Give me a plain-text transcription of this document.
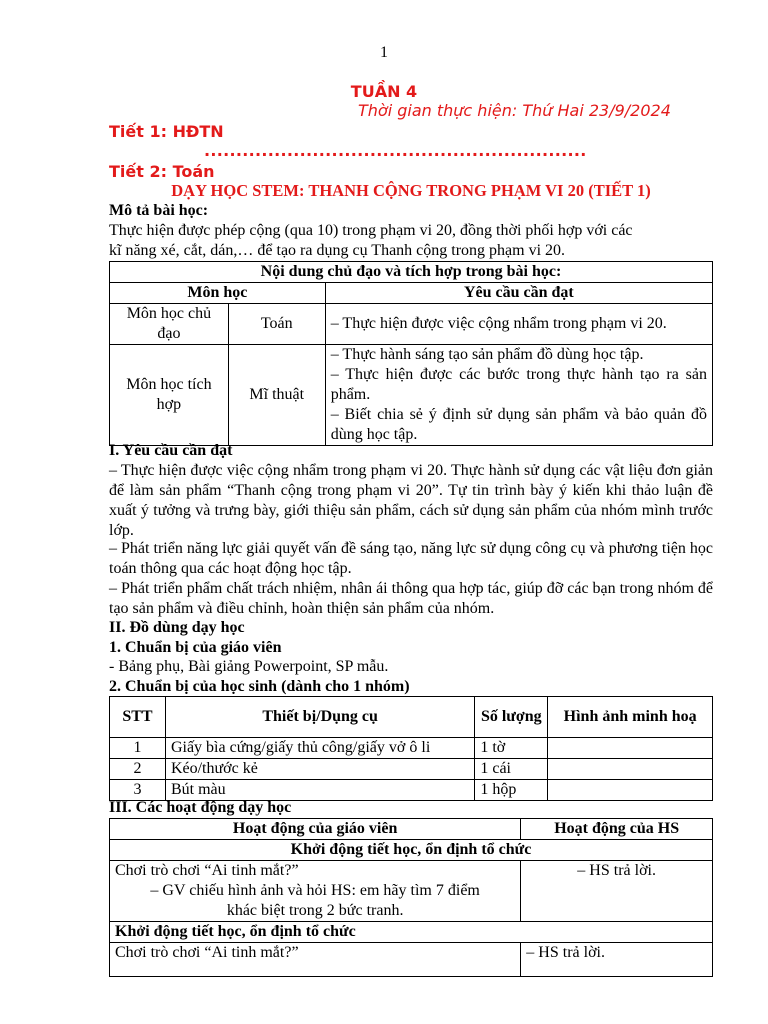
1
TUẦN 4
Thời gian thực hiện: Thứ Hai 23/9/2024
Tiết 1: HĐTN
............................................................
Tiết 2: Toán
DẠY HỌC STEM: THANH CỘNG TRONG PHẠM VI 20 (TIẾT 1)
Mô tả bài học:
Thực hiện được phép cộng (qua 10) trong phạm vi 20, đồng thời phối hợp với các
kĩ năng xé, cắt, dán,… để tạo ra dụng cụ Thanh cộng trong phạm vi 20.
Nội dung chủ đạo và tích hợp trong bài học:		
Môn học		Yêu cầu cần đạt
Môn học chủ đạo	Toán	– Thực hiện được việc cộng nhẩm trong phạm vi 20.
Môn học tích hợp	Mĩ thuật	– Thực hành sáng tạo sản phẩm đồ dùng học tập.
– Thực hiện được các bước trong thực hành tạo ra sản phẩm.
– Biết chia sẻ ý định sử dụng sản phẩm và bảo quản đồ dùng học tập.
I. Yêu cầu cần đạt
– Thực hiện được việc cộng nhẩm trong phạm vi 20. Thực hành sử dụng các vật liệu đơn giản để làm sản phẩm “Thanh cộng trong phạm vi 20”. Tự tin trình bày ý kiến khi thảo luận đề xuất ý tưởng và trưng bày, giới thiệu sản phẩm, cách sử dụng sản phẩm của nhóm mình trước lớp.
– Phát triển năng lực giải quyết vấn đề sáng tạo, năng lực sử dụng công cụ và phương tiện học toán thông qua các hoạt động học tập.
– Phát triển phẩm chất trách nhiệm, nhân ái thông qua hợp tác, giúp đỡ các bạn trong nhóm để tạo sản phẩm và điều chỉnh, hoàn thiện sản phẩm của nhóm.
II. Đồ dùng dạy học
1. Chuẩn bị của giáo viên
- Bảng phụ, Bài giảng Powerpoint, SP mẫu.
2. Chuẩn bị của học sinh (dành cho 1 nhóm)
STT	Thiết bị/Dụng cụ	Số lượng	Hình ảnh minh hoạ
1	Giấy bìa cứng/giấy thủ công/giấy vở ô li	1 tờ	
2	Kéo/thước kẻ	1 cái	
3	Bút màu	1 hộp	
III. Các hoạt động dạy học
Hoạt động của giáo viên	Hoạt động của HS
Khởi động tiết học, ổn định tổ chức	

Chơi trò chơi “Ai tinh mắt?”
– GV chiếu hình ảnh và hỏi HS: em hãy tìm 7 điểm khác biệt trong 2 bức tranh.	– HS trả lời.
Khởi động tiết học, ổn định tổ chức	
Chơi trò chơi “Ai tinh mắt?”	– HS trả lời.
